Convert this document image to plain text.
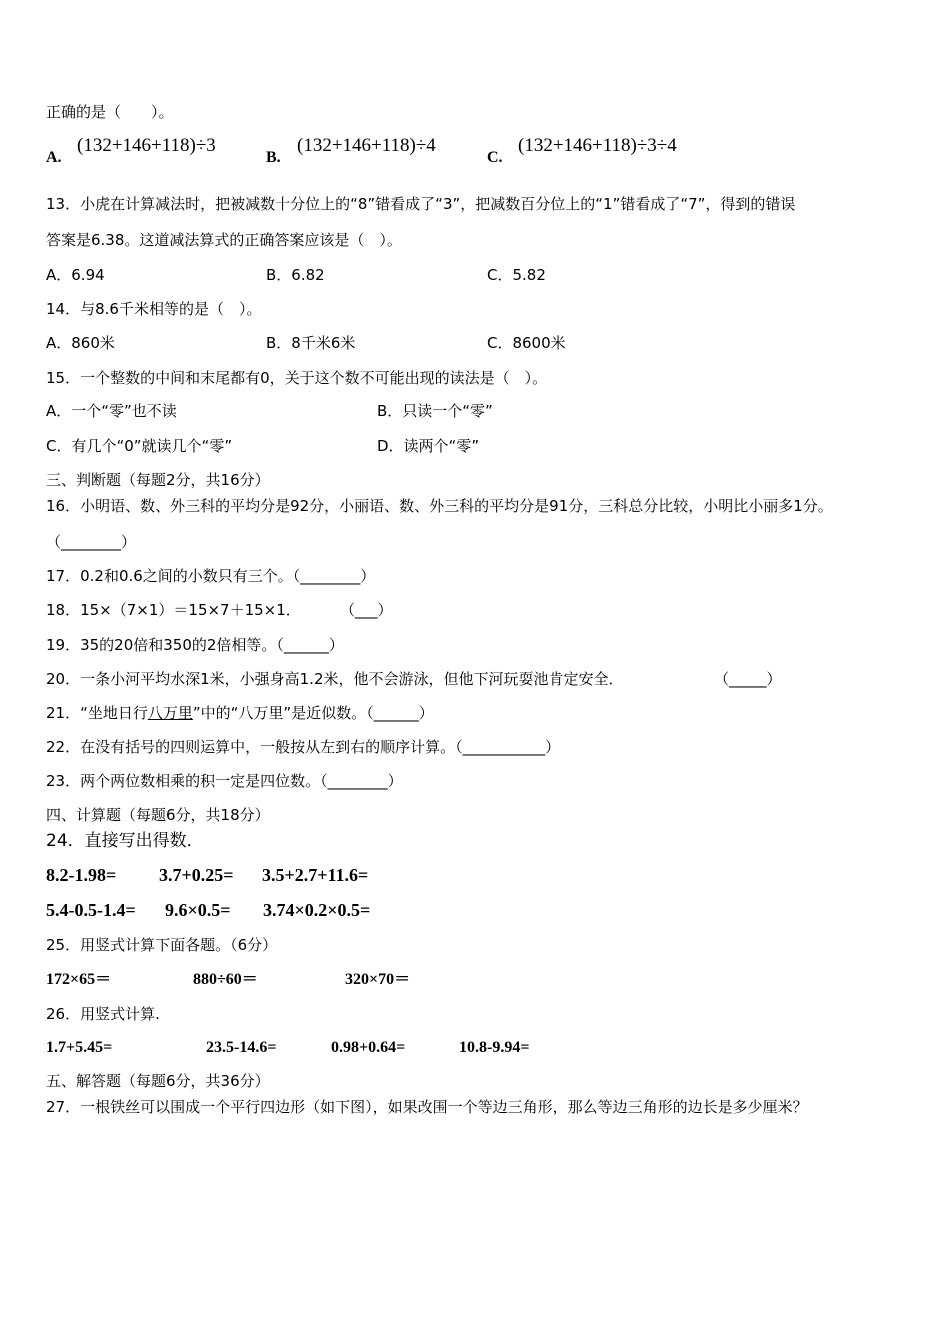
正确的是（　　）。
A.
(132+146+118)÷3
B.
(132+146+118)÷4
C.
(132+146+118)÷3÷4
13．小虎在计算减法时，把被减数十分位上的“8”错看成了“3”，把减数百分位上的“1”错看成了“7”，得到的错误
答案是6.38。这道减法算式的正确答案应该是（　）。
A．6.94	B．6.82	C．5.82
14．与8.6千米相等的是（　）。
A．860米	B．8千米6米	C．8600米
15．一个整数的中间和末尾都有0，关于这个数不可能出现的读法是（　）。
A．一个“零”也不读	B．只读一个“零”
C．有几个“0”就读几个“零”	D．读两个“零”
三、判断题（每题2分，共16分）
16．小明语、数、外三科的平均分是92分，小丽语、数、外三科的平均分是91分，三科总分比较，小明比小丽多1分。
（________）
17．0.2和0.6之间的小数只有三个。（________）
18．15×（7×1）＝15×7＋15×1．	（___）
19．35的20倍和350的2倍相等。（______）
20．一条小河平均水深1米，小强身高1.2米，他不会游泳，但他下河玩耍池肯定安全．	（_____）
21．“坐地日行八万里”中的“八万里”是近似数。（______）
22．在没有括号的四则运算中，一般按从左到右的顺序计算。（___________）
23．两个两位数相乘的积一定是四位数。（________）
四、计算题（每题6分，共18分）
24．直接写出得数．
8.2-1.98= 3.7+0.25= 3.5+2.7+11.6=
5.4-0.5-1.4= 9.6×0.5= 3.74×0.2×0.5=
25．用竖式计算下面各题。（6分）
172×65＝	880÷60＝	320×70＝
26．用竖式计算.
1.7+5.45=	23.5-14.6=	0.98+0.64=	10.8-9.94=
五、解答题（每题6分，共36分）
27．一根铁丝可以围成一个平行四边形（如下图），如果改围一个等边三角形，那么等边三角形的边长是多少厘米？
